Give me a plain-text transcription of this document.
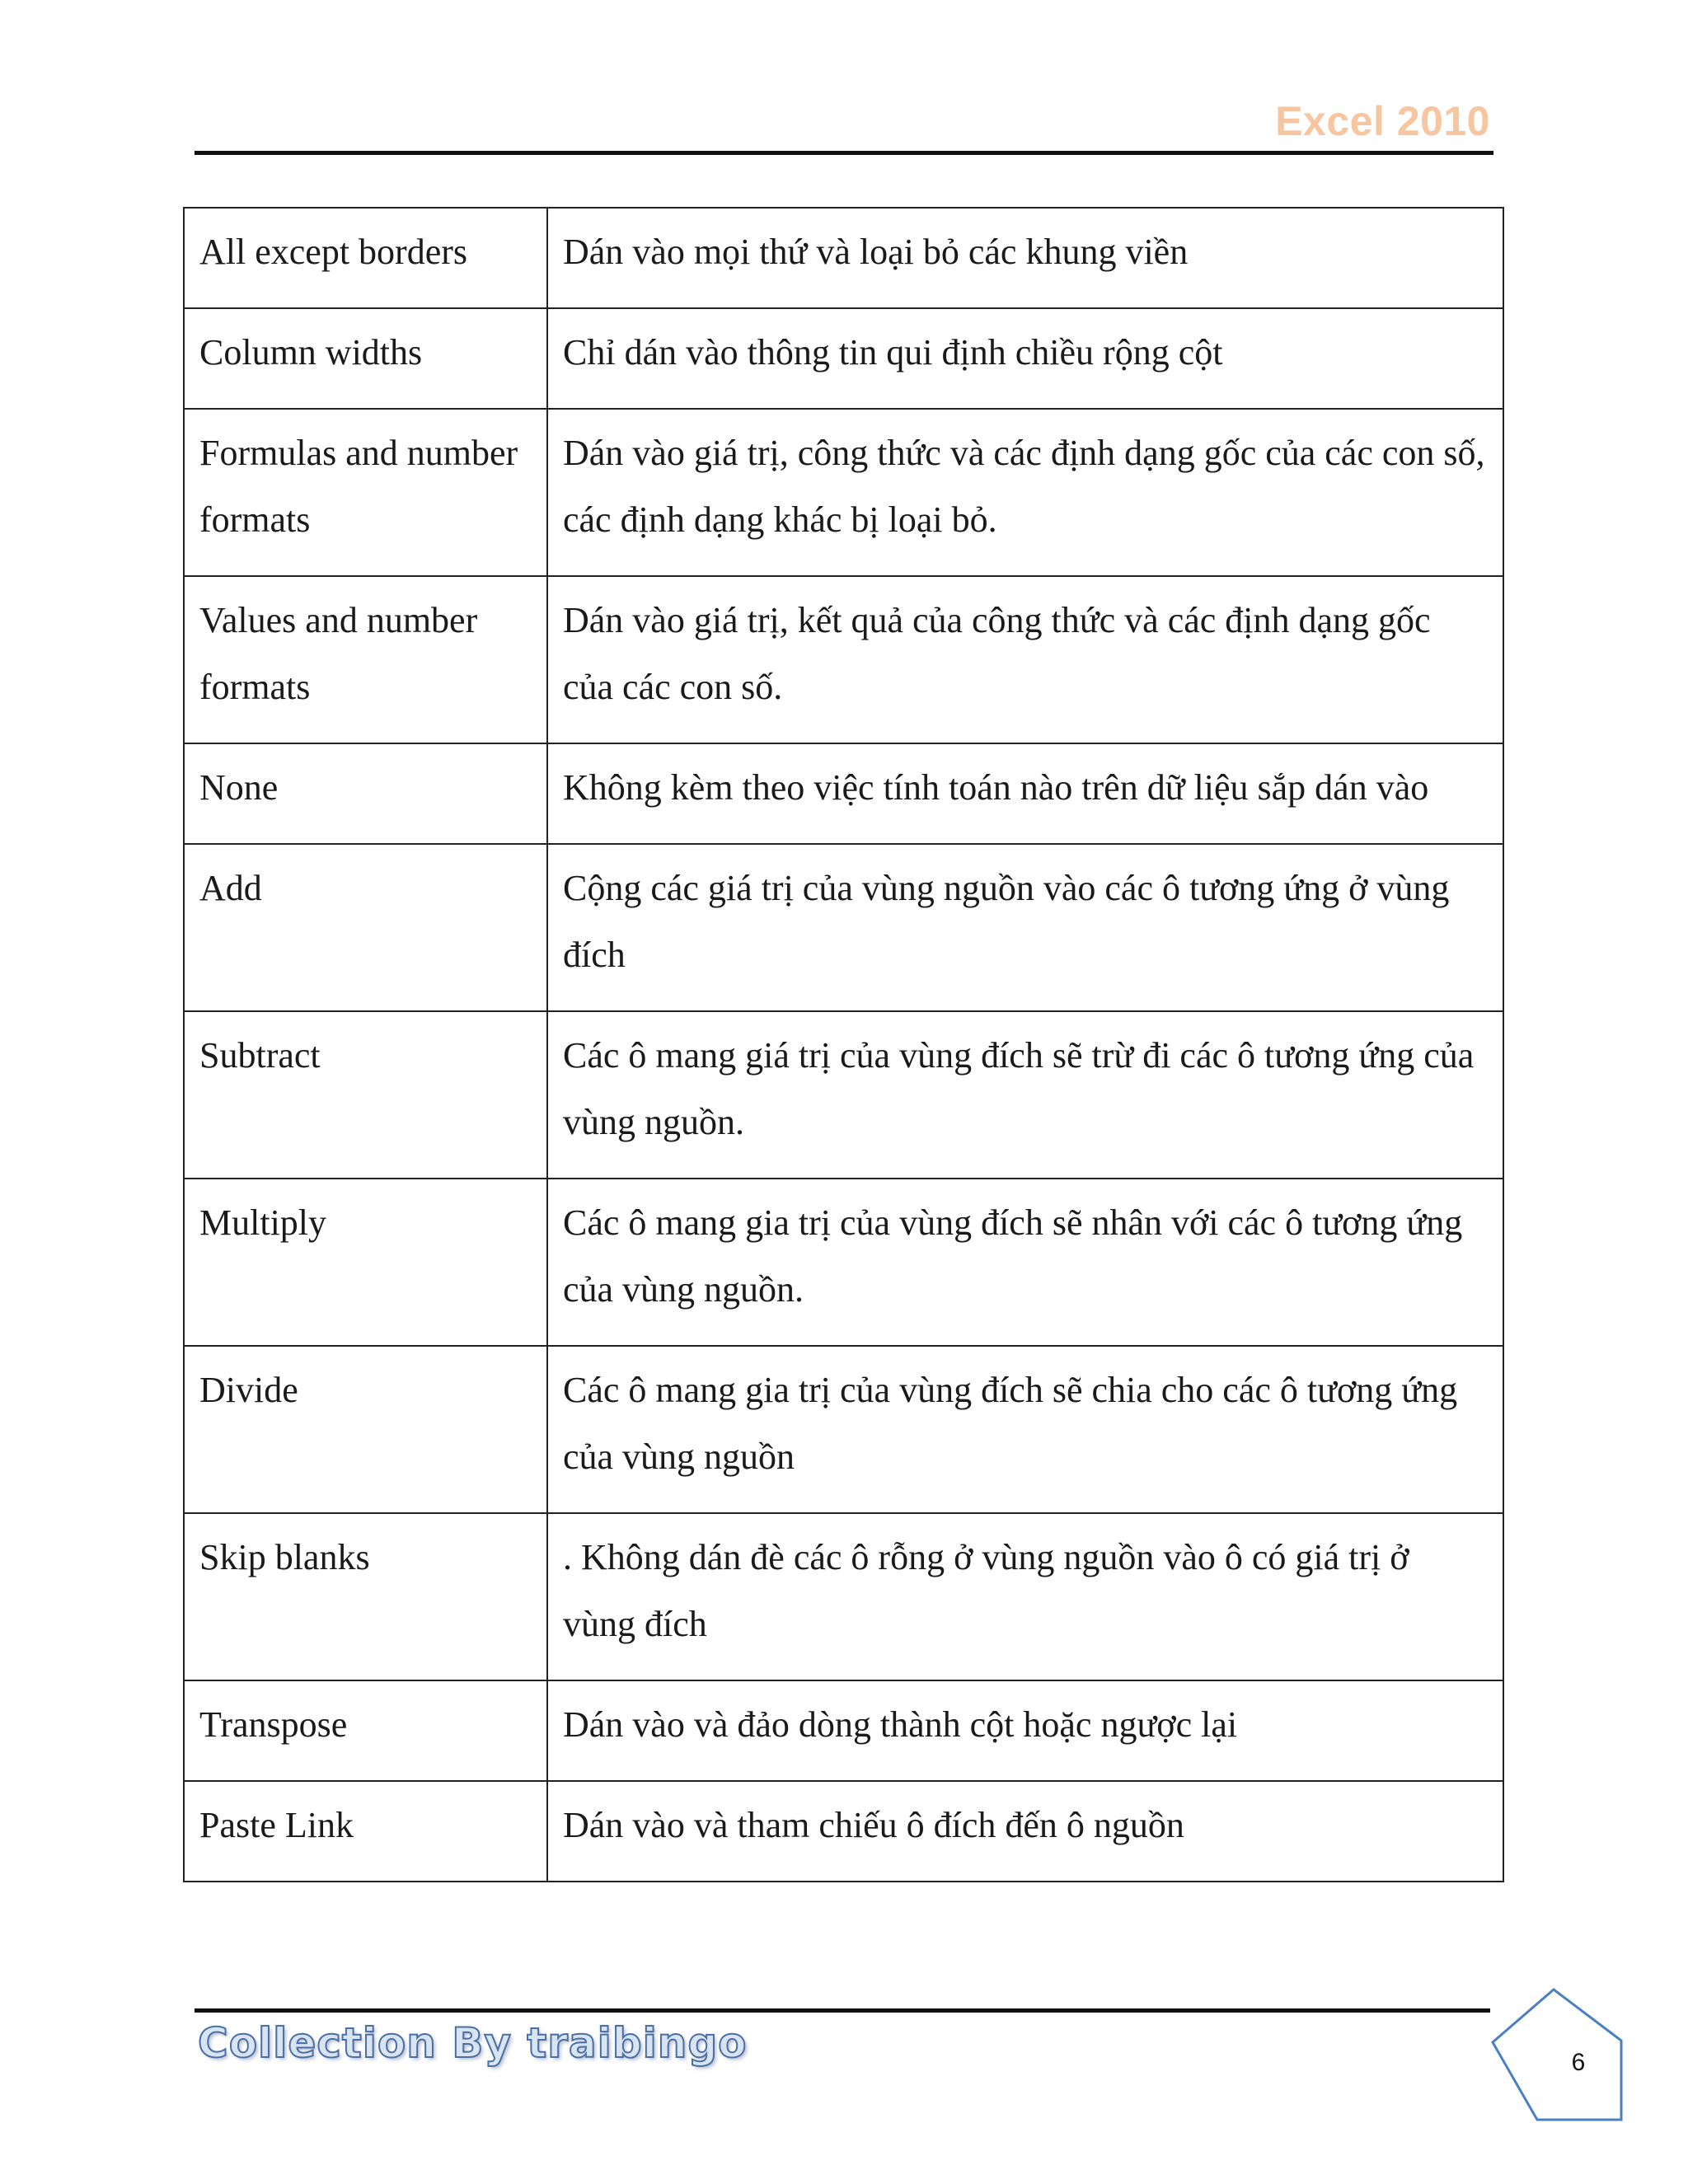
Excel 2010
All except borders	Dán vào mọi thứ và loại bỏ các khung viền
Column widths	Chỉ dán vào thông tin qui định chiều rộng cột
Formulas and number formats	Dán vào giá trị, công thức và các định dạng gốc của các con số, các định dạng khác bị loại bỏ.
Values and number formats	Dán vào giá trị, kết quả của công thức và các định dạng gốc của các con số.
None	Không kèm theo việc tính toán nào trên dữ liệu sắp dán vào
Add	Cộng các giá trị của vùng nguồn vào các ô tương ứng ở vùng đích
Subtract	Các ô mang giá trị của vùng đích sẽ trừ đi các ô tương ứng của vùng nguồn.
Multiply	Các ô mang gia trị của vùng đích sẽ nhân với các ô tương ứng của vùng nguồn.
Divide	Các ô mang gia trị của vùng đích sẽ chia cho các ô tương ứng của vùng nguồn
Skip blanks	. Không dán đè các ô rỗng ở vùng nguồn vào ô có giá trị ở vùng đích
Transpose	Dán vào và đảo dòng thành cột hoặc ngược lại
Paste Link	Dán vào và tham chiếu ô đích đến ô nguồn
Collection By traibingo	6
